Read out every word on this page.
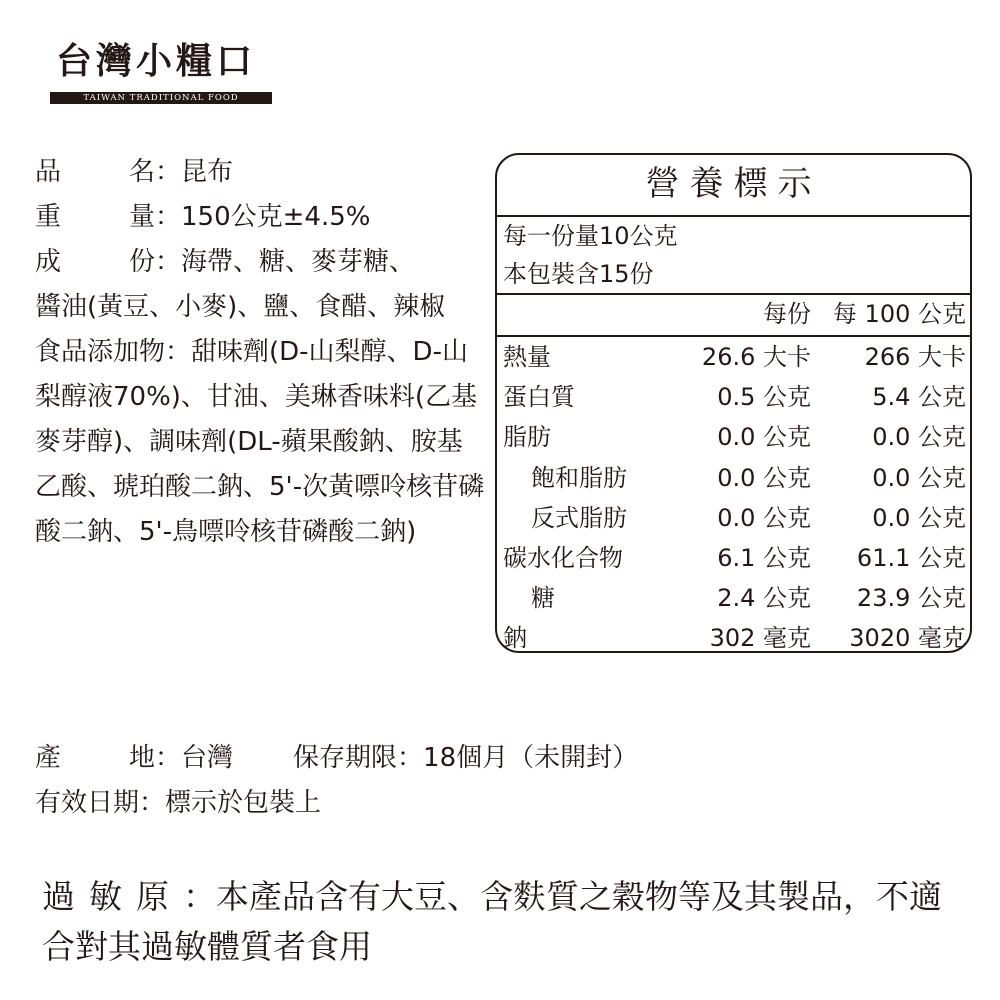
台灣小糧口
TAIWAN TRADITIONAL FOOD
品	名 ： 昆布
重	量 ： 150公克±4.5%
成	份 ： 海帶、糖、麥芽糖、
醬油(黃豆、小麥)、鹽、食醋、辣椒
食品添加物：甜味劑(D-山梨醇、D-山梨醇液70%)、甘油、美琳香味料(乙基麥芽醇)、調味劑(DL-蘋果酸鈉、胺基乙酸、琥珀酸二鈉、5'-次黃嘌呤核苷磷酸二鈉、5'-鳥嘌呤核苷磷酸二鈉)
營養標示
每一份量10公克
本包裝含15份
每份 每 100 公克
熱量	26.6 大卡	266 大卡
蛋白質	0.5 公克	5.4 公克
脂肪	0.0 公克	0.0 公克
飽和脂肪	0.0 公克	0.0 公克
反式脂肪	0.0 公克	0.0 公克
碳水化合物	6.1 公克	61.1 公克
糖	2.4 公克	23.9 公克
鈉	302 毫克	3020 毫克
產	地 ：台灣 保存期限：18個月（未開封）
有效日期：標示於包裝上
過敏原：本產品含有大豆、含麩質之穀物等及其製品，不適合對其過敏體質者食用
